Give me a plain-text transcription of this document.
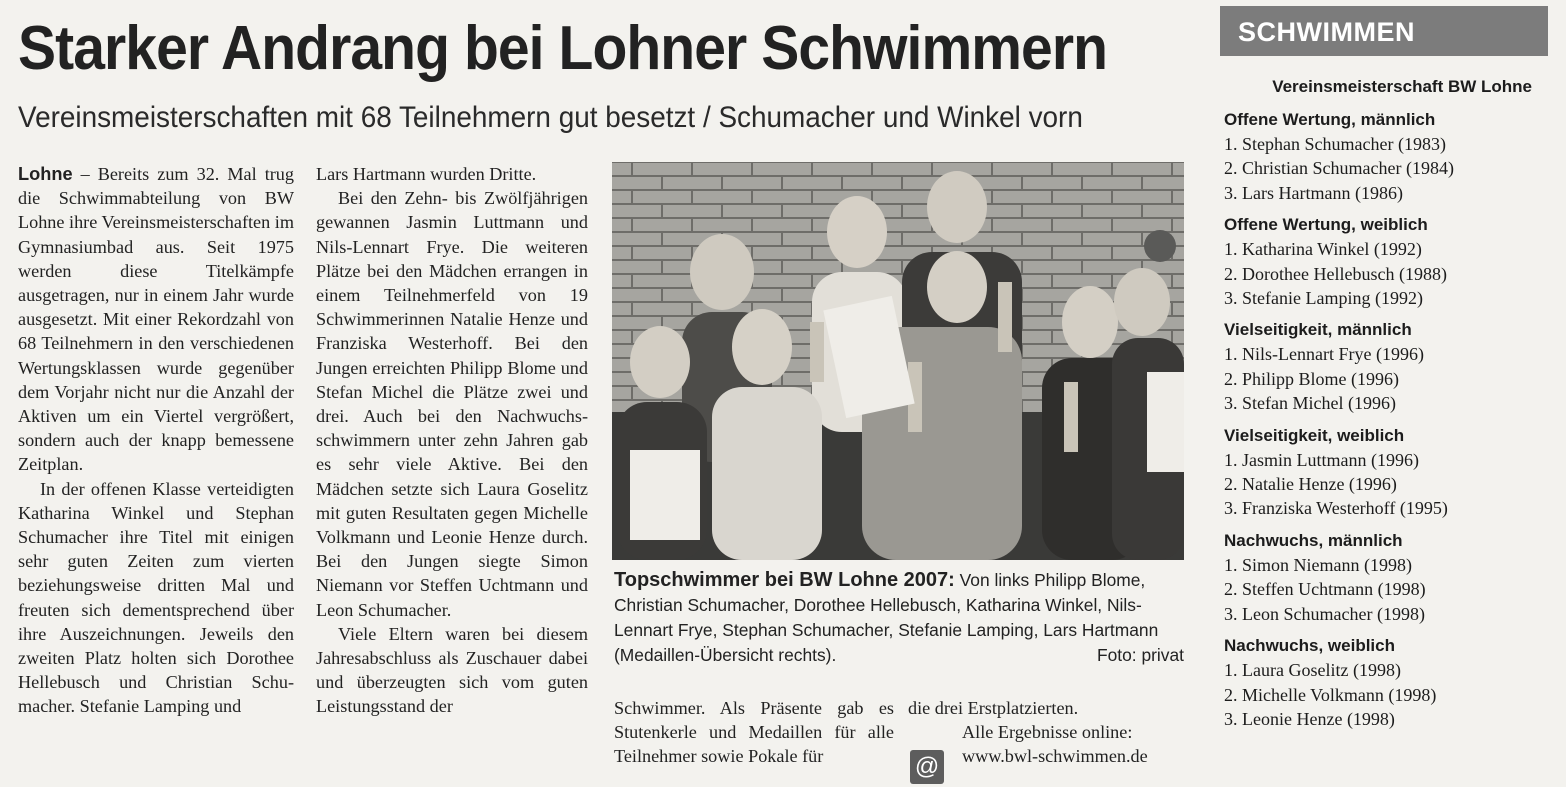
Starker Andrang bei Lohner Schwimmern
Vereinsmeisterschaften mit 68 Teilnehmern gut besetzt / Schumacher und Winkel vorn

Lohne – Bereits zum 32. Mal trug die Schwimmabteilung von BW Lohne ihre Vereinsmeisterschaften im Gymnasiumbad aus. Seit 1975 werden diese Titelkämpfe ausgetragen, nur in einem Jahr wurde ausgesetzt. Mit einer Rekordzahl von 68 Teilnehmern in den verschiedenen Wertungsklassen wurde gegenüber dem Vorjahr nicht nur die Anzahl der Aktiven um ein Viertel vergrößert, sondern auch der knapp bemessene Zeitplan.

In der offenen Klasse verteidigten Katharina Winkel und Stephan Schumacher ihre Titel mit einigen sehr guten Zeiten zum vierten beziehungsweise dritten Mal und freuten sich dementsprechend über ihre Auszeichnungen. Jeweils den zweiten Platz holten sich Dorothee Hellebusch und Christian Schumacher. Stefanie Lamping und

Lars Hartmann wurden Dritte.

Bei den Zehn- bis Zwölfjährigen gewannen Jasmin Luttmann und Nils-Lennart Frye. Die weiteren Plätze bei den Mädchen errangen in einem Teilnehmerfeld von 19 Schwimmerinnen Natalie Henze und Franziska Westerhoff. Bei den Jungen erreichten Philipp Blome und Stefan Michel die Plätze zwei und drei. Auch bei den Nachwuchsschwimmern unter zehn Jahren gab es sehr viele Aktive. Bei den Mädchen setzte sich Laura Goselitz mit guten Resultaten gegen Michelle Volkmann und Leonie Henze durch. Bei den Jungen siegte Simon Niemann vor Steffen Uchtmann und Leon Schumacher.

Viele Eltern waren bei diesem Jahresabschluss als Zuschauer dabei und überzeugten sich vom guten Leistungsstand der

Topschwimmer bei BW Lohne 2007: Von links Philipp Blome, Christian Schumacher, Dorothee Hellebusch, Katharina Winkel, Nils-Lennart Frye, Stephan Schumacher, Stefanie Lamping, Lars Hartmann (Medaillen-Übersicht rechts).	Foto: privat

Schwimmer. Als Präsente gab es Stutenkerle und Medaillen für alle Teilnehmer sowie Pokale für

die drei Erstplatzierten.

@
Alle Ergebnisse online:
www.bwl-schwimmen.de
SCHWIMMEN
Vereinsmeisterschaft BW Lohne
Offene Wertung, männlich
1. Stephan Schumacher (1983)
2. Christian Schumacher (1984)
3. Lars Hartmann (1986)
Offene Wertung, weiblich
1. Katharina Winkel (1992)
2. Dorothee Hellebusch (1988)
3. Stefanie Lamping (1992)
Vielseitigkeit, männlich
1. Nils-Lennart Frye (1996)
2. Philipp Blome (1996)
3. Stefan Michel (1996)
Vielseitigkeit, weiblich
1. Jasmin Luttmann (1996)
2. Natalie Henze (1996)
3. Franziska Westerhoff (1995)
Nachwuchs, männlich
1. Simon Niemann (1998)
2. Steffen Uchtmann (1998)
3. Leon Schumacher (1998)
Nachwuchs, weiblich
1. Laura Goselitz (1998)
2. Michelle Volkmann (1998)
3. Leonie Henze (1998)
